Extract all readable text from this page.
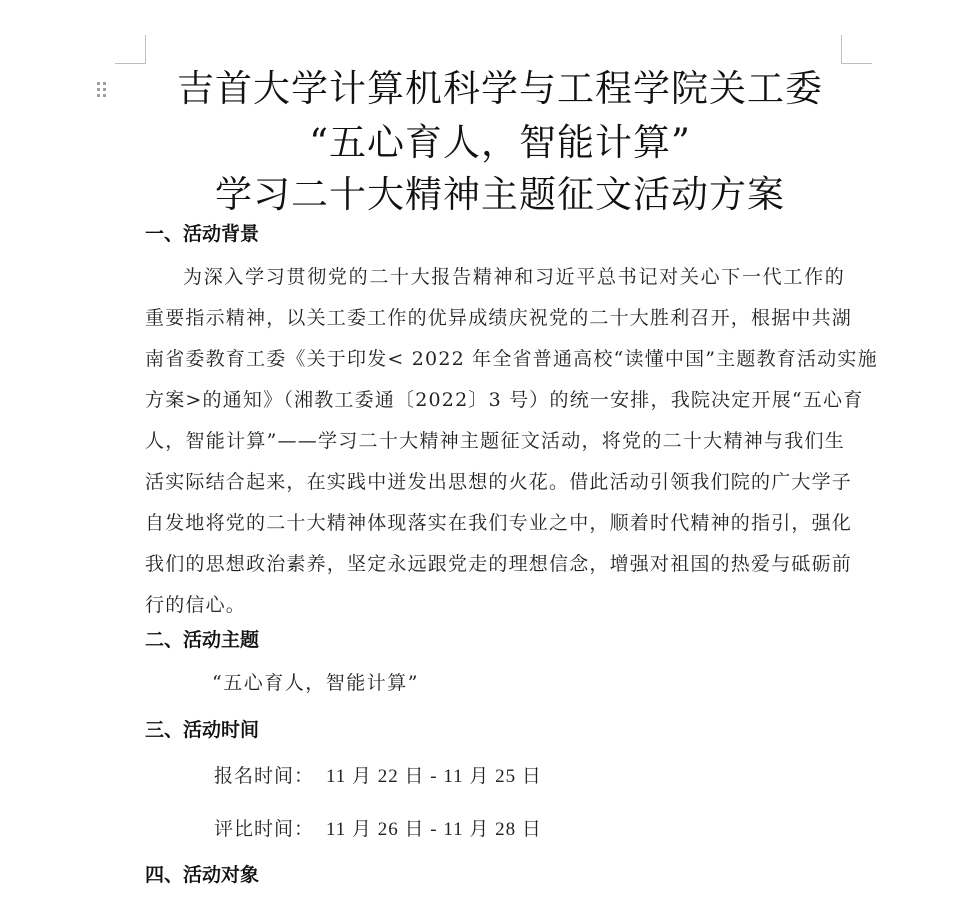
吉首大学计算机科学与工程学院关工委
“五心育人，智能计算”
学习二十大精神主题征文活动方案
一、活动背景
为深入学习贯彻党的二十大报告精神和习近平总书记对关心下一代工作的
重要指示精神，以关工委工作的优异成绩庆祝党的二十大胜利召开，根据中共湖
南省委教育工委《关于印发< 2022 年全省普通高校“读懂中国”主题教育活动实施
方案>的通知》（湘教工委通〔2022〕3 号）的统一安排，我院决定开展“五心育
人，智能计算”——学习二十大精神主题征文活动，将党的二十大精神与我们生
活实际结合起来，在实践中迸发出思想的火花。借此活动引领我们院的广大学子
自发地将党的二十大精神体现落实在我们专业之中，顺着时代精神的指引，强化
我们的思想政治素养，坚定永远跟党走的理想信念，增强对祖国的热爱与砥砺前
行的信心。
二、活动主题
“五心育人，智能计算”
三、活动时间
报名时间： 11 月 22 日 - 11 月 25 日
评比时间： 11 月 26 日 - 11 月 28 日
四、活动对象
